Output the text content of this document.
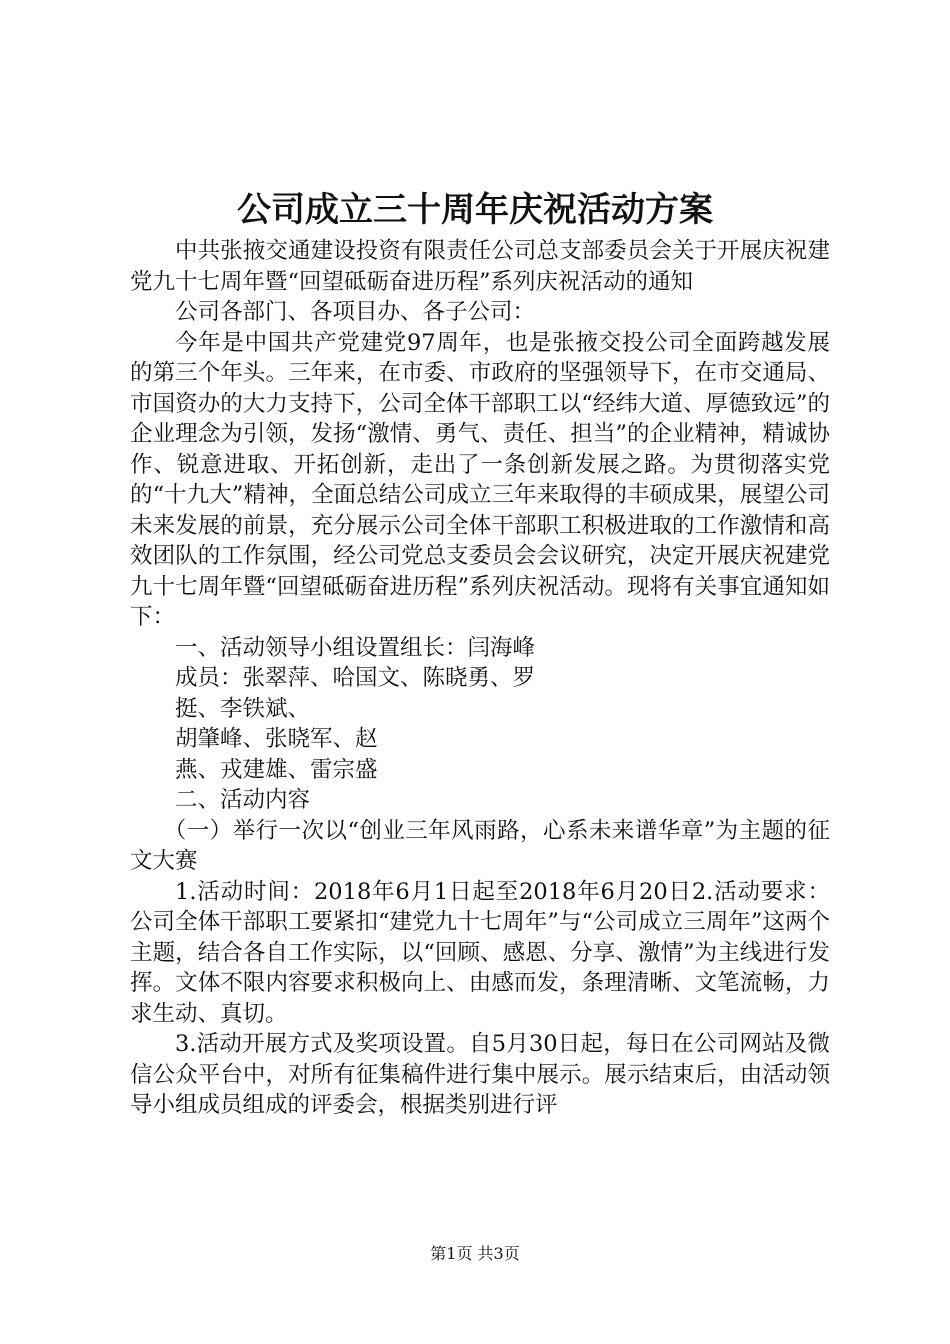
公司成立三十周年庆祝活动方案

中共张掖交通建设投资有限责任公司总支部委员会关于开展庆祝建党九十七周年暨“回望砥砺奋进历程”系列庆祝活动的通知

公司各部门、各项目办、各子公司：

今年是中国共产党建党97周年，也是张掖交投公司全面跨越发展的第三个年头。三年来，在市委、市政府的坚强领导下，在市交通局、市国资办的大力支持下，公司全体干部职工以“经纬大道、厚德致远”的企业理念为引领，发扬“激情、勇气、责任、担当”的企业精神，精诚协作、锐意进取、开拓创新，走出了一条创新发展之路。为贯彻落实党的“十九大”精神，全面总结公司成立三年来取得的丰硕成果，展望公司未来发展的前景，充分展示公司全体干部职工积极进取的工作激情和高效团队的工作氛围，经公司党总支委员会会议研究，决定开展庆祝建党九十七周年暨“回望砥砺奋进历程”系列庆祝活动。现将有关事宜通知如下：

一、活动领导小组设置组长：闫海峰

成员：张翠萍、哈国文、陈晓勇、罗

挺、李铁斌、

胡肇峰、张晓军、赵

燕、戎建雄、雷宗盛

二、活动内容

（一）举行一次以“创业三年风雨路，心系未来谱华章”为主题的征文大赛

1.活动时间：2018年6月1日起至2018年6月20日2.活动要求：公司全体干部职工要紧扣“建党九十七周年”与“公司成立三周年”这两个主题，结合各自工作实际，以“回顾、感恩、分享、激情”为主线进行发挥。文体不限内容要求积极向上、由感而发，条理清晰、文笔流畅，力求生动、真切。

3.活动开展方式及奖项设置。自5月30日起，每日在公司网站及微信公众平台中，对所有征集稿件进行集中展示。展示结束后，由活动领导小组成员组成的评委会，根据类别进行评

第1页 共3页
